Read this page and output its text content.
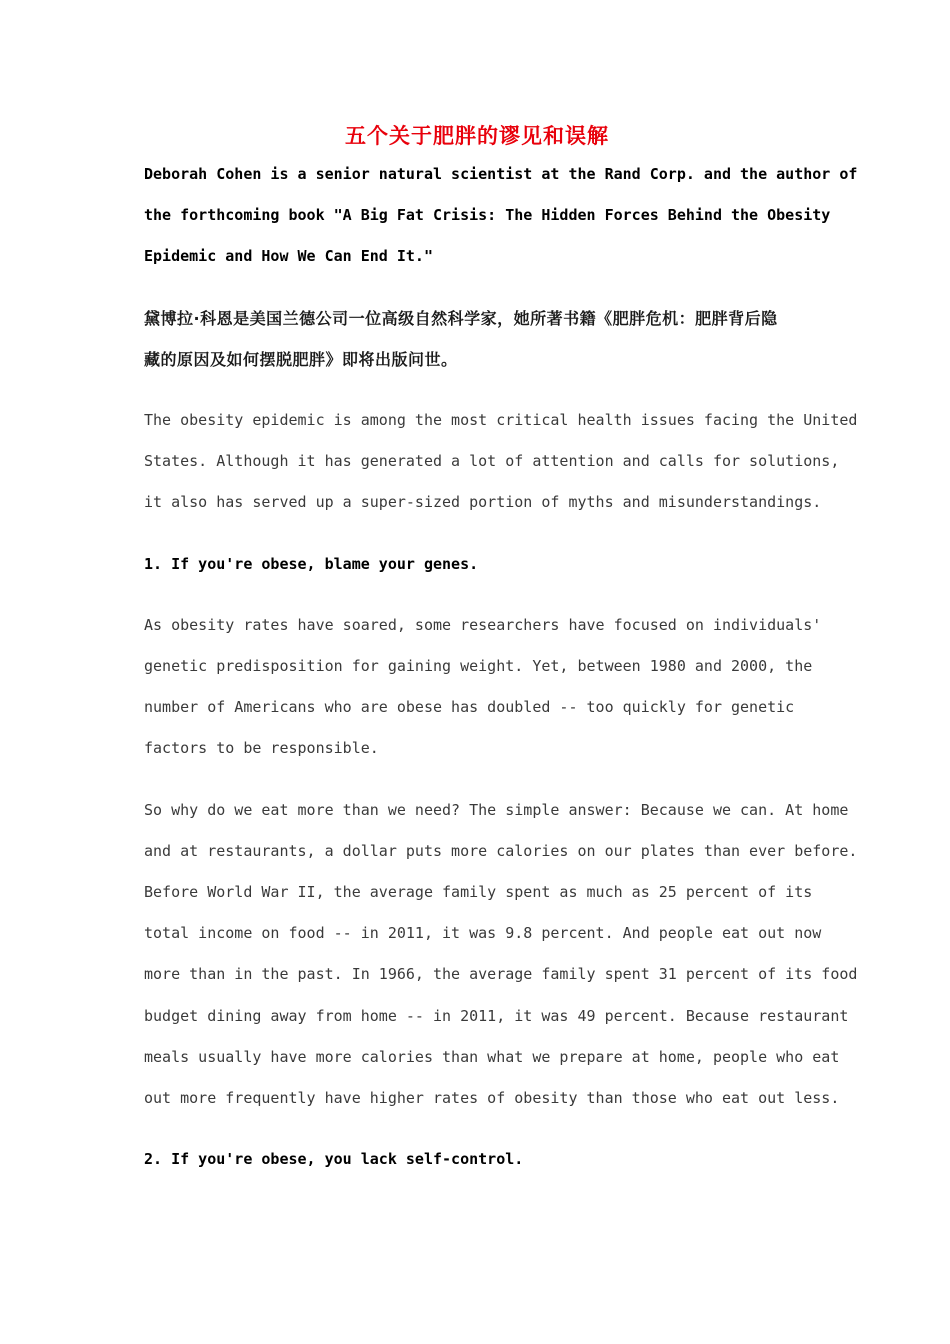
五个关于肥胖的谬见和误解

Deborah Cohen is a senior natural scientist at the Rand Corp. and the author of
the forthcoming book "A Big Fat Crisis: The Hidden Forces Behind the Obesity
Epidemic and How We Can End It."

黛博拉·科恩是美国兰德公司一位高级自然科学家，她所著书籍《肥胖危机：肥胖背后隐
藏的原因及如何摆脱肥胖》即将出版问世。

The obesity epidemic is among the most critical health issues facing the United
States. Although it has generated a lot of attention and calls for solutions,
it also has served up a super-sized portion of myths and misunderstandings.

1. If you're obese, blame your genes.

As obesity rates have soared, some researchers have focused on individuals'
genetic predisposition for gaining weight. Yet, between 1980 and 2000, the
number of Americans who are obese has doubled -- too quickly for genetic
factors to be responsible.

So why do we eat more than we need? The simple answer: Because we can. At home
and at restaurants, a dollar puts more calories on our plates than ever before.
Before World War II, the average family spent as much as 25 percent of its
total income on food -- in 2011, it was 9.8 percent. And people eat out now
more than in the past. In 1966, the average family spent 31 percent of its food
budget dining away from home -- in 2011, it was 49 percent. Because restaurant
meals usually have more calories than what we prepare at home, people who eat
out more frequently have higher rates of obesity than those who eat out less.

2. If you're obese, you lack self-control.
